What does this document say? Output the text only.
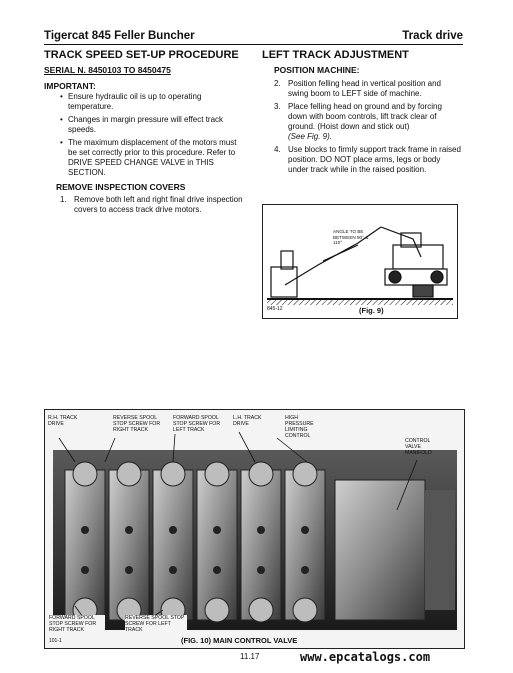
Tigercat 845 Feller Buncher	Track drive
TRACK SPEED SET-UP PROCEDURE
SERIAL N. 8450103 TO 8450475
IMPORTANT:
• Ensure hydraulic oil is up to operating temperature.
• Changes in margin pressure will effect track speeds.
• The maximum displacement of the motors must be set correctly prior to this procedure. Refer to DRIVE SPEED CHANGE VALVE in THIS SECTION.
REMOVE INSPECTION COVERS
1. Remove both left and right final drive inspection covers to access track drive motors.
LEFT TRACK ADJUSTMENT
POSITION MACHINE:
2. Position felling head in vertical position and swing boom to LEFT side of machine.
3. Place felling head on ground and by forcing down with boom controls, lift track clear of ground. (Hoist down and stick out)
(See Fig. 9).
4. Use blocks to firmly support track frame in raised position. DO NOT place arms, legs or body under track while in the raised position.
ANGLE TO BE BETWEEN 90° & 110°
845-12	(Fig. 9)
R.H. TRACK DRIVE
REVERSE SPOOL STOP SCREW FOR RIGHT TRACK
FORWARD SPOOL STOP SCREW FOR LEFT TRACK
L.H. TRACK DRIVE
HIGH PRESSURE LIMITING CONTROL
CONTROL VALVE MANIFOLD
FORWARD SPOOL STOP SCREW FOR RIGHT TRACK
REVERSE SPOOL STOP SCREW FOR LEFT TRACK
101-1	(FIG. 10) MAIN CONTROL VALVE
11.17	www.epcatalogs.com
